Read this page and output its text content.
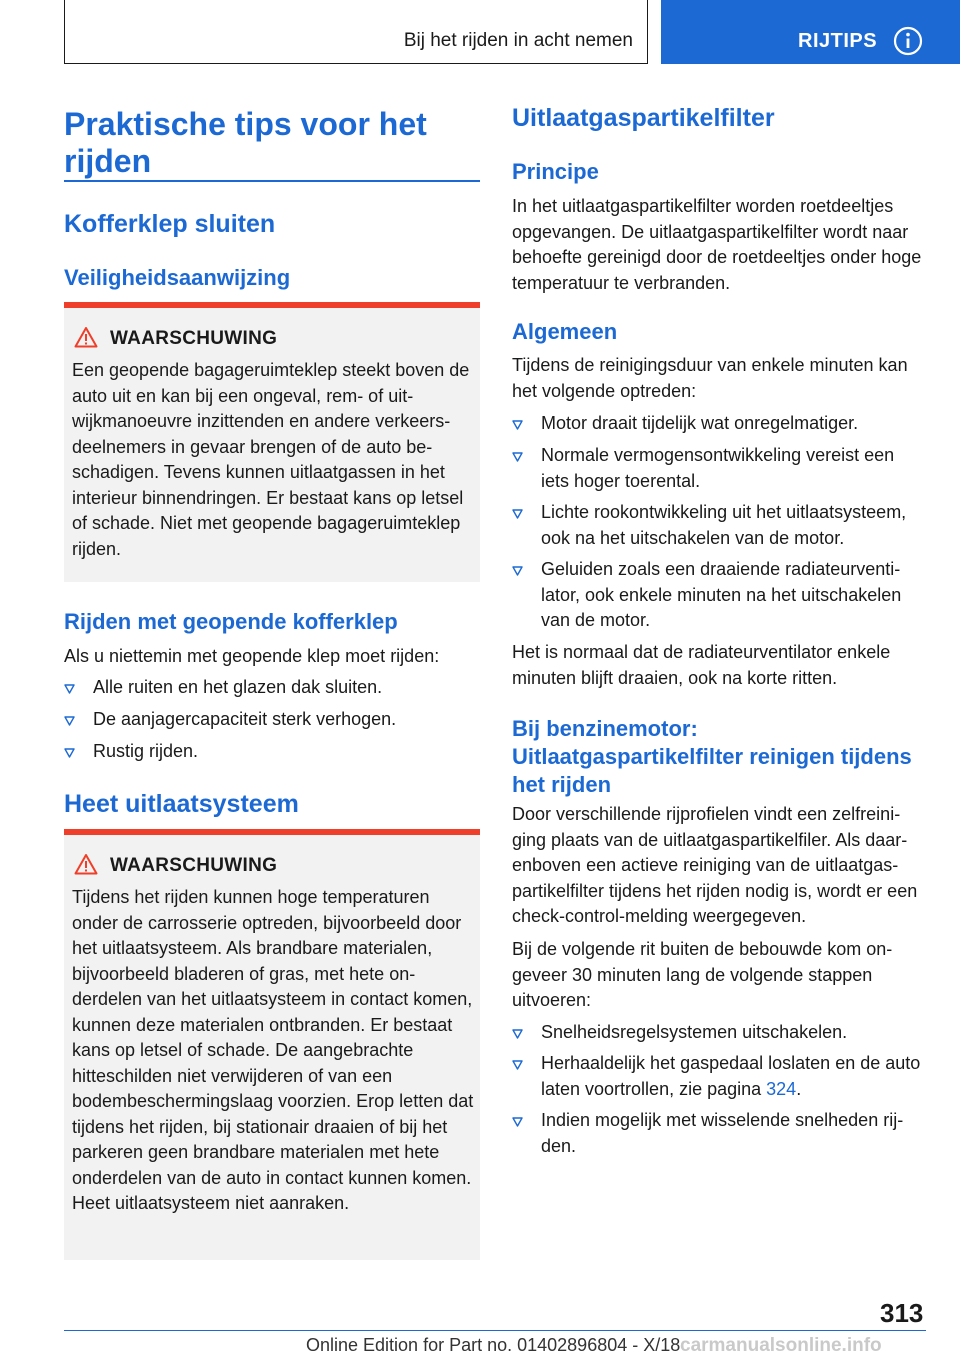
Bij het rijden in acht nemen	RIJTIPS
Praktische tips voor het rijden
Kofferklep sluiten
Veiligheidsaanwijzing
WAARSCHUWING
Een geopende bagageruimteklep steekt boven de auto uit en kan bij een ongeval, rem- of uitwijkmanoeuvre inzittenden en andere verkeersdeelnemers in gevaar brengen of de auto beschadigen. Tevens kunnen uitlaatgassen in het interieur binnendringen. Er bestaat kans op letsel of schade. Niet met geopende bagageruimteklep rijden.
Rijden met geopende kofferklep

Als u niettemin met geopende klep moet rijden:

Alle ruiten en het glazen dak sluiten.
De aanjagercapaciteit sterk verhogen.
Rustig rijden.
Heet uitlaatsysteem
WAARSCHUWING
Tijdens het rijden kunnen hoge temperaturen onder de carrosserie optreden, bijvoorbeeld door het uitlaatsysteem. Als brandbare materialen, bijvoorbeeld bladeren of gras, met hete onderdelen van het uitlaatsysteem in contact komen, kunnen deze materialen ontbranden. Er bestaat kans op letsel of schade. De aangebrachte hitteschilden niet verwijderen of van een bodembeschermingslaag voorzien. Erop letten dat tijdens het rijden, bij stationair draaien of bij het parkeren geen brandbare materialen met hete onderdelen van de auto in contact kunnen komen. Heet uitlaatsysteem niet aanraken.
Uitlaatgaspartikelfilter
Principe

In het uitlaatgaspartikelfilter worden roetdeeltjes opgevangen. De uitlaatgaspartikelfilter wordt naar behoefte gereinigd door de roetdeeltjes onder hoge temperatuur te verbranden.

Algemeen

Tijdens de reinigingsduur van enkele minuten kan het volgende optreden:

Motor draait tijdelijk wat onregelmatiger.
Normale vermogensontwikkeling vereist een iets hoger toerental.
Lichte rookontwikkeling uit het uitlaatsysteem, ook na het uitschakelen van de motor.
Geluiden zoals een draaiende radiateurventilator, ook enkele minuten na het uitschakelen van de motor.

Het is normaal dat de radiateurventilator enkele minuten blijft draaien, ook na korte ritten.

Bij benzinemotor: Uitlaatgaspartikelfilter reinigen tijdens het rijden

Door verschillende rijprofielen vindt een zelfreiniging plaats van de uitlaatgaspartikelfiler. Als daarenboven een actieve reiniging van de uitlaatgaspartikelfilter tijdens het rijden nodig is, wordt er een check-control-melding weergegeven.

Bij de volgende rit buiten de bebouwde kom ongeveer 30 minuten lang de volgende stappen uitvoeren:

Snelheidsregelsystemen uitschakelen.
Herhaaldelijk het gaspedaal loslaten en de auto laten voortrollen, zie pagina 324.
Indien mogelijk met wisselende snelheden rijden.
313
Online Edition for Part no. 01402896804 - X/18 carmanualsonline.info
